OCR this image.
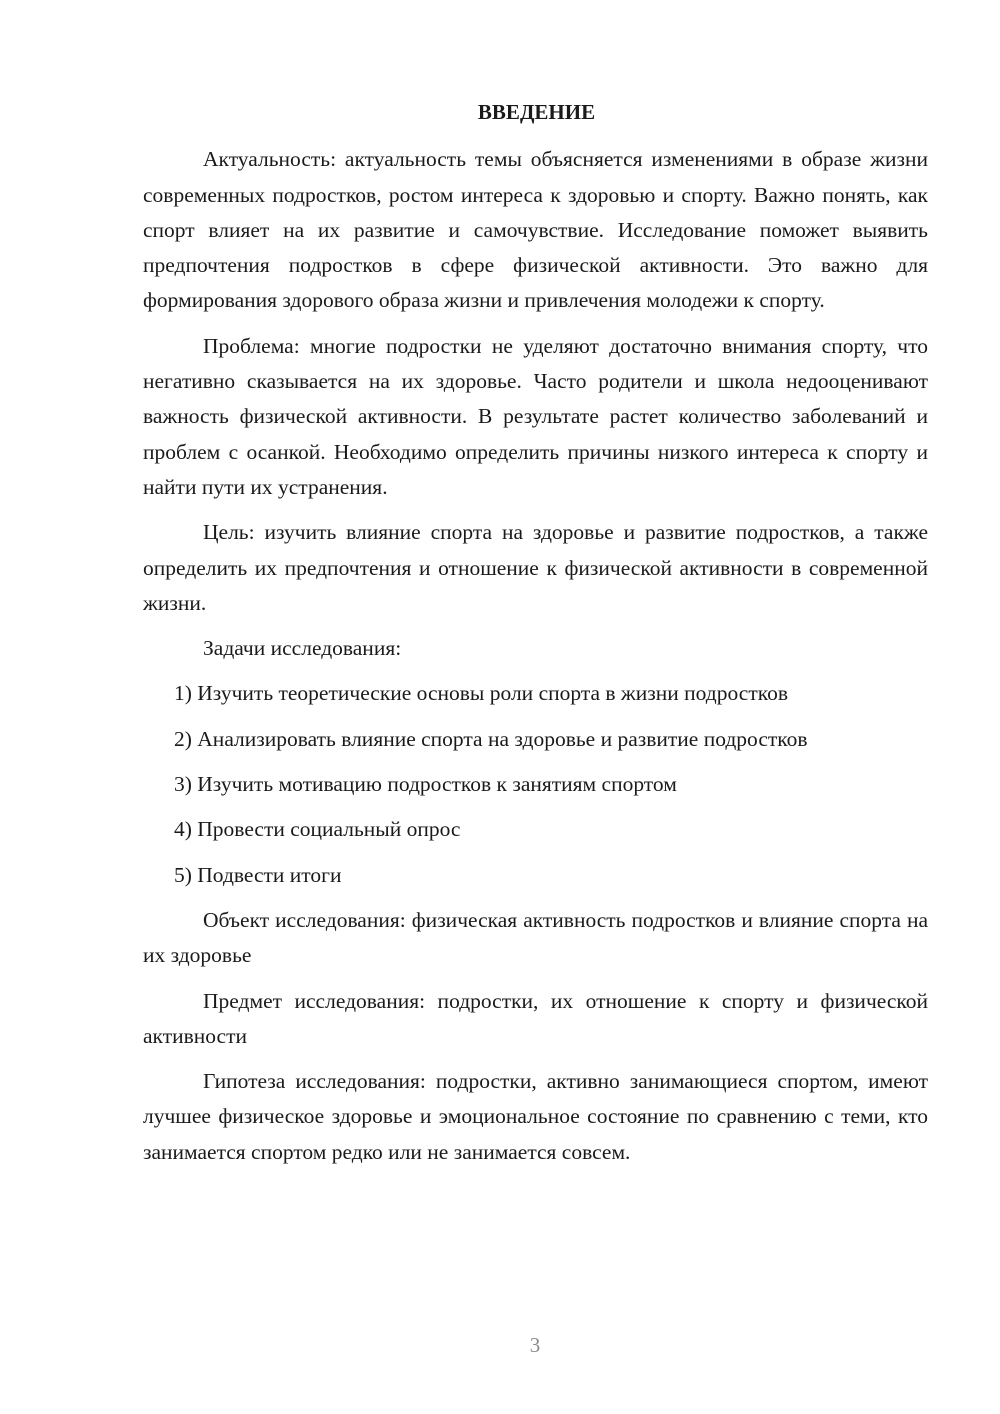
ВВЕДЕНИЕ

Актуальность: актуальность темы объясняется изменениями в образе жизни современных подростков, ростом интереса к здоровью и спорту. Важно понять, как спорт влияет на их развитие и самочувствие. Исследование поможет выявить предпочтения подростков в сфере физической активности. Это важно для формирования здорового образа жизни и привлечения молодежи к спорту.

Проблема: многие подростки не уделяют достаточно внимания спорту, что негативно сказывается на их здоровье. Часто родители и школа недооценивают важность физической активности. В результате растет количество заболеваний и проблем с осанкой. Необходимо определить причины низкого интереса к спорту и найти пути их устранения.

Цель: изучить влияние спорта на здоровье и развитие подростков, а также определить их предпочтения и отношение к физической активности в современной жизни.

Задачи исследования:

1) Изучить теоретические основы роли спорта в жизни подростков
2) Анализировать влияние спорта на здоровье и развитие подростков
3) Изучить мотивацию подростков к занятиям спортом
4) Провести социальный опрос
5) Подвести итоги

Объект исследования: физическая активность подростков и влияние спорта на их здоровье

Предмет исследования: подростки, их отношение к спорту и физической активности

Гипотеза исследования: подростки, активно занимающиеся спортом, имеют лучшее физическое здоровье и эмоциональное состояние по сравнению с теми, кто занимается спортом редко или не занимается совсем.

3
